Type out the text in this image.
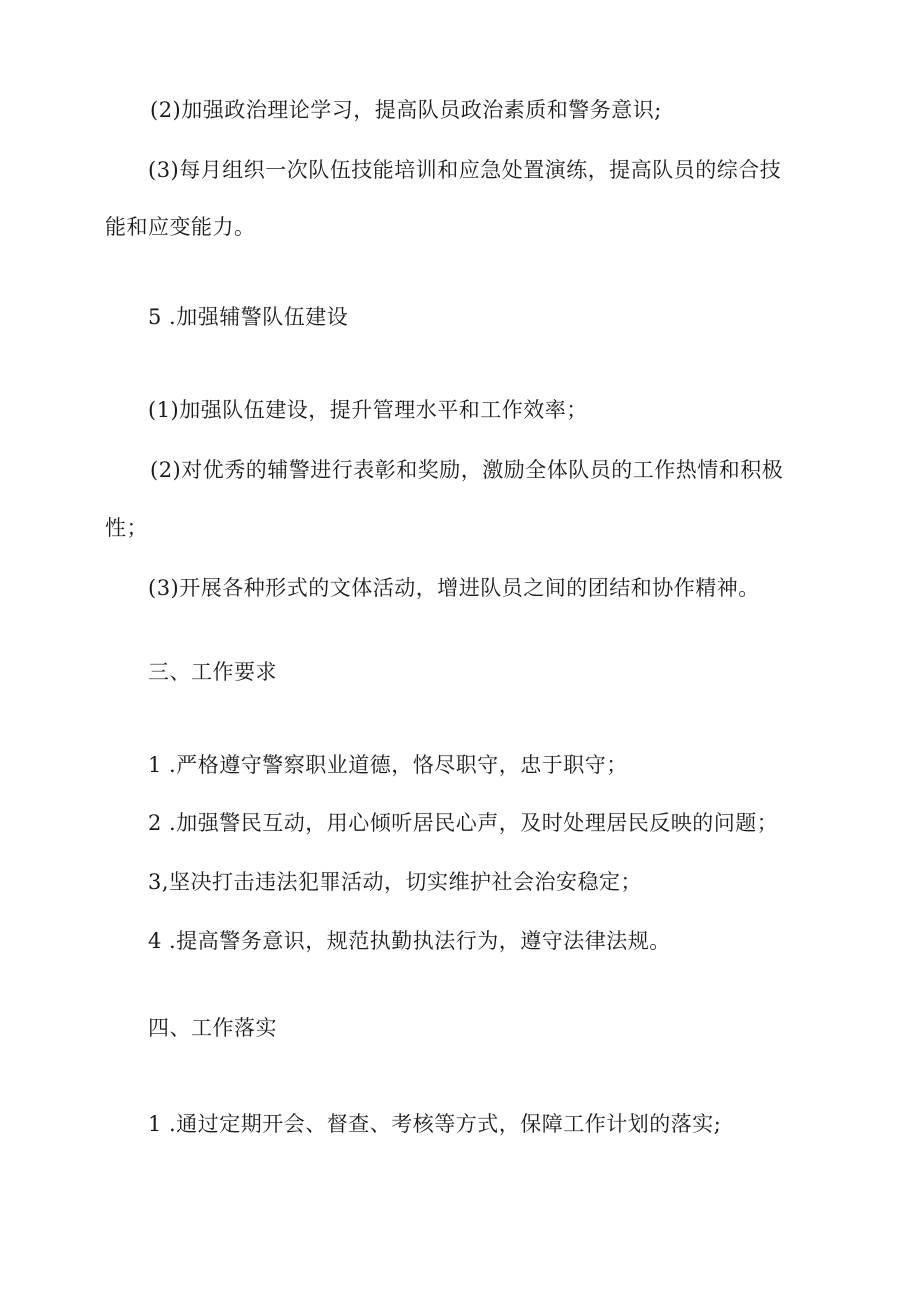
(2)加强政治理论学习，提高队员政治素质和警务意识;
(3)每月组织一次队伍技能培训和应急处置演练，提高队员的综合技
能和应变能力。
5 .加强辅警队伍建设
(1)加强队伍建设，提升管理水平和工作效率；
(2)对优秀的辅警进行表彰和奖励，激励全体队员的工作热情和积极
性；
(3)开展各种形式的文体活动，增进队员之间的团结和协作精神。
三、工作要求
1 .严格遵守警察职业道德，恪尽职守，忠于职守；
2 .加强警民互动，用心倾听居民心声，及时处理居民反映的问题；
3,坚决打击违法犯罪活动，切实维护社会治安稳定；
4 .提高警务意识，规范执勤执法行为，遵守法律法规。
四、工作落实
1 .通过定期开会、督查、考核等方式，保障工作计划的落实;
